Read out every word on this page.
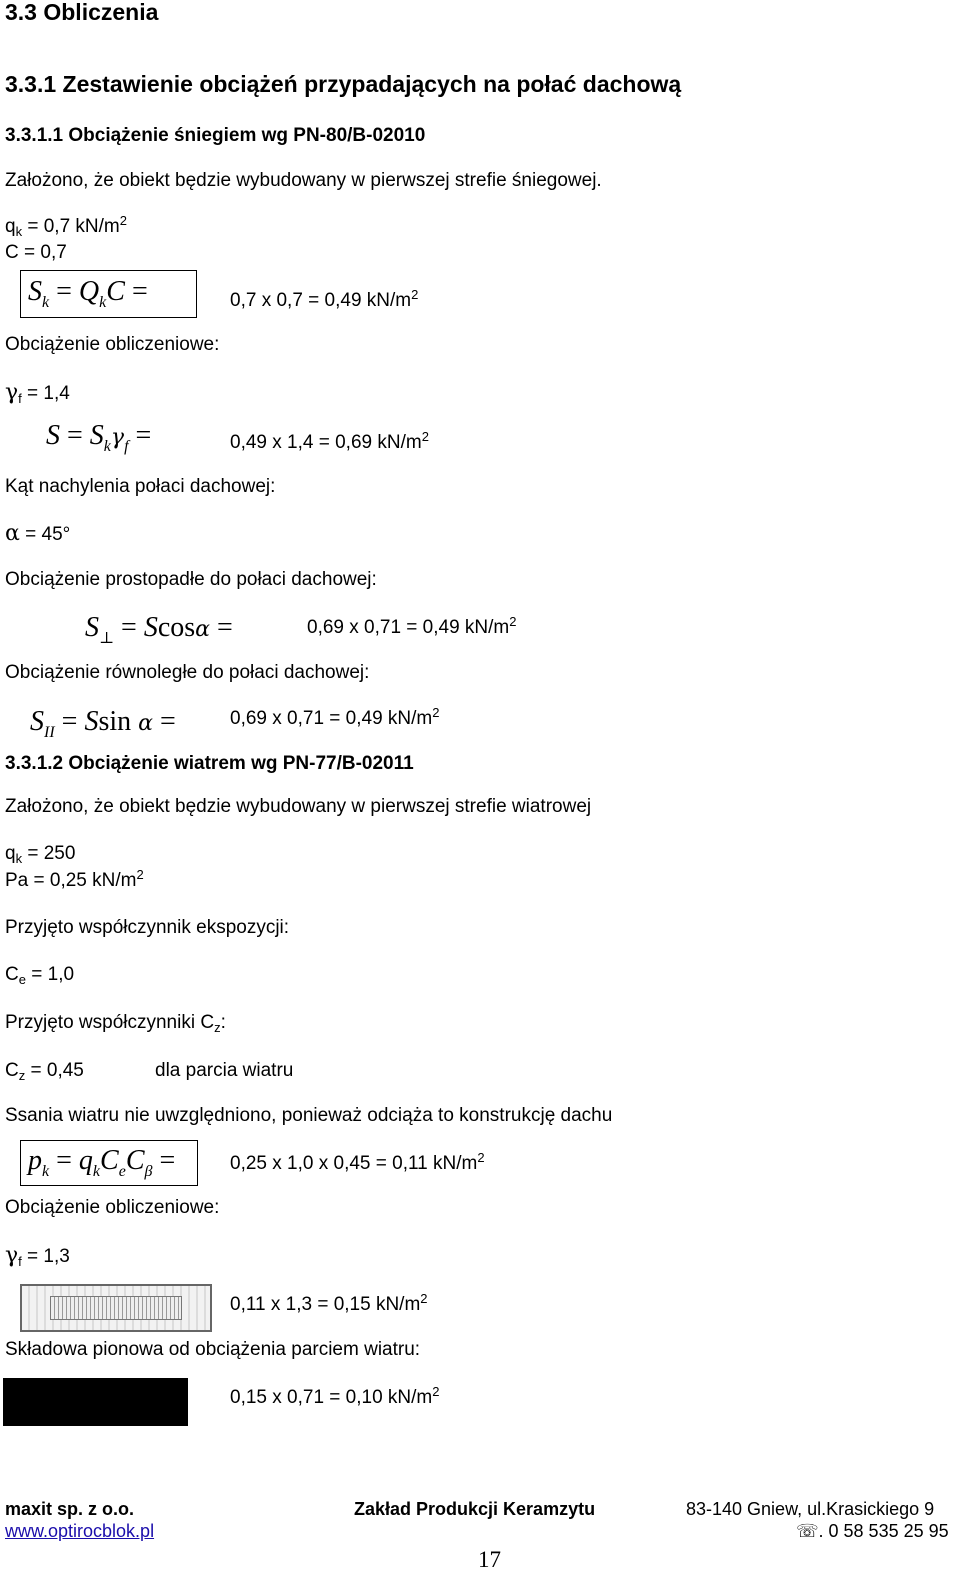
3.3 Obliczenia
3.3.1 Zestawienie obciążeń przypadających na połać dachową
3.3.1.1 Obciążenie śniegiem wg PN-80/B-02010
Założono, że obiekt będzie wybudowany w pierwszej strefie śniegowej.
$q_k = 0,7$ $kN/m^2$
C = 0,7
$S_k = Q_kC$ =	0,7 x 0,7 = 0,49 $kN/m^2$
Obciążenie obliczeniowe:
$\gamma_f = 1,4$
$S = S_k\gamma_f$ =	0,49 x 1,4 = 0,69 $kN/m^2$
Kąt nachylenia połaci dachowej:
α = 45°
Obciążenie prostopadłe do połaci dachowej:
$S_\perp = Scos\alpha$ =	0,69 x 0,71 = 0,49 $kN/m^2$
Obciążenie równoległe do połaci dachowej:
$S_{II} = Ssin$ α =	0,69 x 0,71 = 0,49 $kN/m^2$
3.3.1.2 Obciążenie wiatrem wg PN-77/B-02011
Założono, że obiekt będzie wybudowany w pierwszej strefie wiatrowej
$q_k = 250$
Pa = 0,25 $kN/m^2$
Przyjęto współczynnik ekspozycji:
$C_e = 1,0$
Przyjęto współczynniki $C_z$:
$C_z = 0,45$	dla parcia wiatru
Ssania wiatru nie uwzględniono, ponieważ odciąża to konstrukcję dachu
$p_k = q_kC_eC_\beta$ =	0,25 x 1,0 x 0,45 = 0,11 $kN/m^2$
Obciążenie obliczeniowe:
$\gamma_f = 1,3$
0,11 x 1,3 = 0,15 $kN/m^2$
Składowa pionowa od obciążenia parciem wiatru:
0,15 x 0,71 = 0,10 $kN/m^2$
maxit sp. z o.o.	Zakład Produkcji Keramzytu	83-140 Gniew, ul.Krasickiego 9
www.optirocblok.pl	☏. 0 58 535 25 95
17
